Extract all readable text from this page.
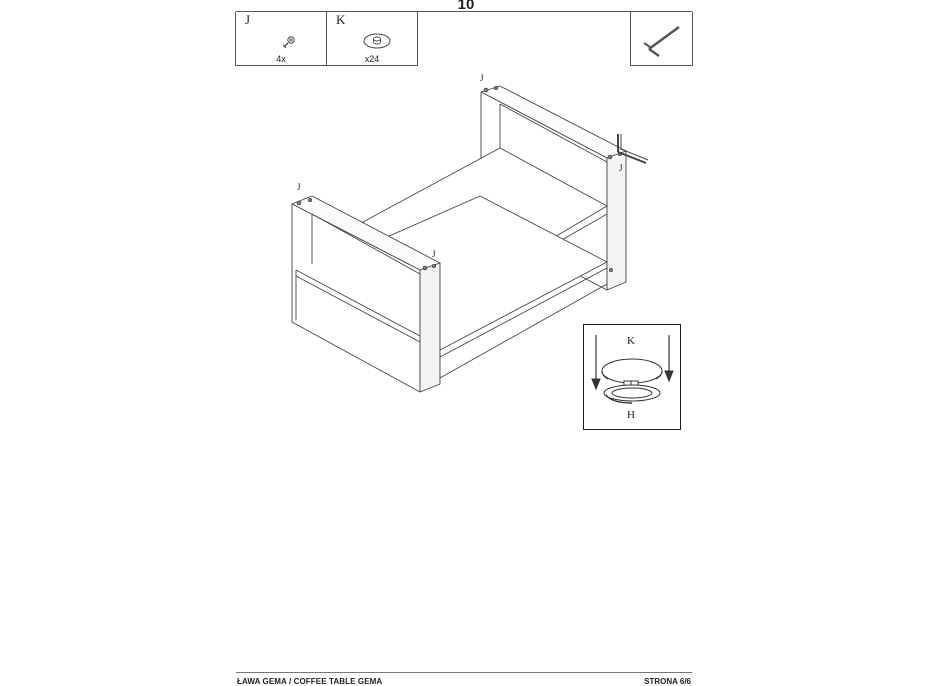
10
J
4x
K
x24
J
J
J
J
K
H
ŁAWA GEMA / COFFEE TABLE GEMA	STRONA 6/6
